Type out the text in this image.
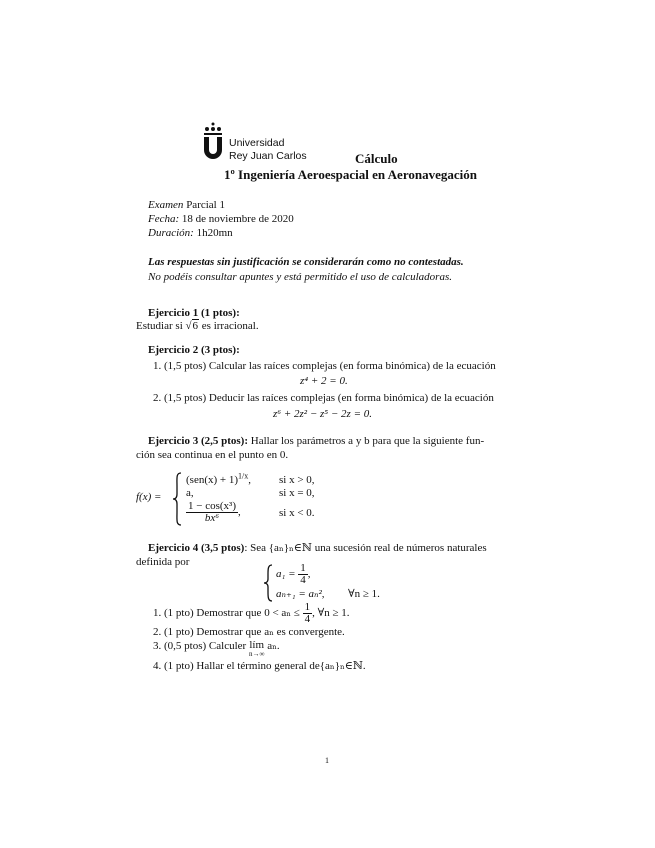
Universidad
Rey Juan Carlos	Cálculo
1º Ingeniería Aeroespacial en Aeronavegación
Examen Parcial 1
Fecha: 18 de noviembre de 2020
Duración: 1h20mn
Las respuestas sin justificación se considerarán como no contestadas.
No podéis consultar apuntes y está permitido el uso de calculadoras.
Ejercicio 1 (1 ptos):
Estudiar si √6 es irracional.
Ejercicio 2 (3 ptos):
1. (1,5 ptos) Calcular las raíces complejas (en forma binómica) de la ecuación
z⁴ + 2 = 0.
2. (1,5 ptos) Deducir las raíces complejas (en forma binómica) de la ecuación
z⁶ + 2z² − z⁵ − 2z = 0.
Ejercicio 3 (2,5 ptos): Hallar los parámetros a y b para que la siguiente fun-
ción sea continua en el punto en 0.
f(x) =
$(sen(x) + 1)^{1/x}$,	si x > 0,
a,	si x = 0,
$\frac{\text{1 − cos(x³)}}{\text{bx⁶}}$ ,	si x < 0.
Ejercicio 4 (3,5 ptos): Sea {aₙ}ₙ∈ℕ una sucesión real de números naturales
definida por
$a_1 = \frac{1}{4}$ ,
aₙ₊₁ = aₙ², ∀n ≥ 1.
1. (1 pto) Demostrar que $0 < a_n \le \frac{1}{4}$ , ∀n ≥ 1.
2. (1 pto) Demostrar que aₙ es convergente.
3. (0,5 ptos) Calculer lím
n→∞
aₙ.
4. (1 pto) Hallar el término general de{aₙ}ₙ∈ℕ.
1
